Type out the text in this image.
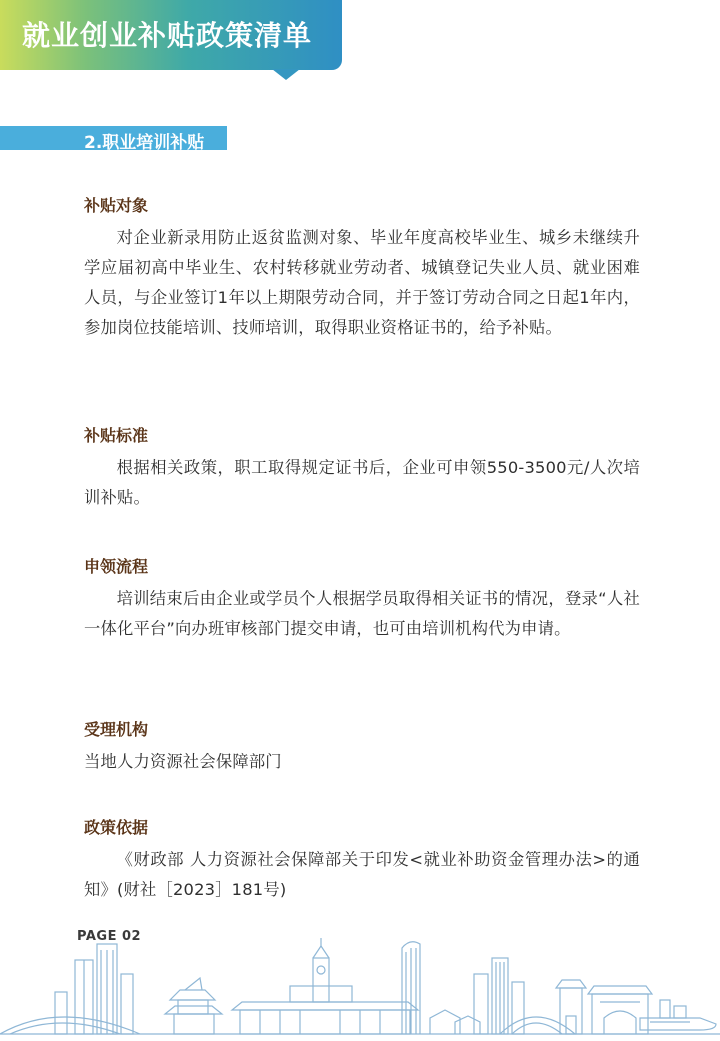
就业创业补贴政策清单
2.职业培训补贴
补贴对象

对企业新录用防止返贫监测对象、毕业年度高校毕业生、城乡未继续升学应届初高中毕业生、农村转移就业劳动者、城镇登记失业人员、就业困难人员，与企业签订1年以上期限劳动合同，并于签订劳动合同之日起1年内，参加岗位技能培训、技师培训，取得职业资格证书的，给予补贴。

补贴标准

根据相关政策，职工取得规定证书后，企业可申领550-3500元/人次培训补贴。

申领流程

培训结束后由企业或学员个人根据学员取得相关证书的情况，登录“人社一体化平台”向办班审核部门提交申请，也可由培训机构代为申请。

受理机构

当地人力资源社会保障部门

政策依据

《财政部 人力资源社会保障部关于印发<就业补助资金管理办法>的通知》(财社［2023］181号)

PAGE 02
